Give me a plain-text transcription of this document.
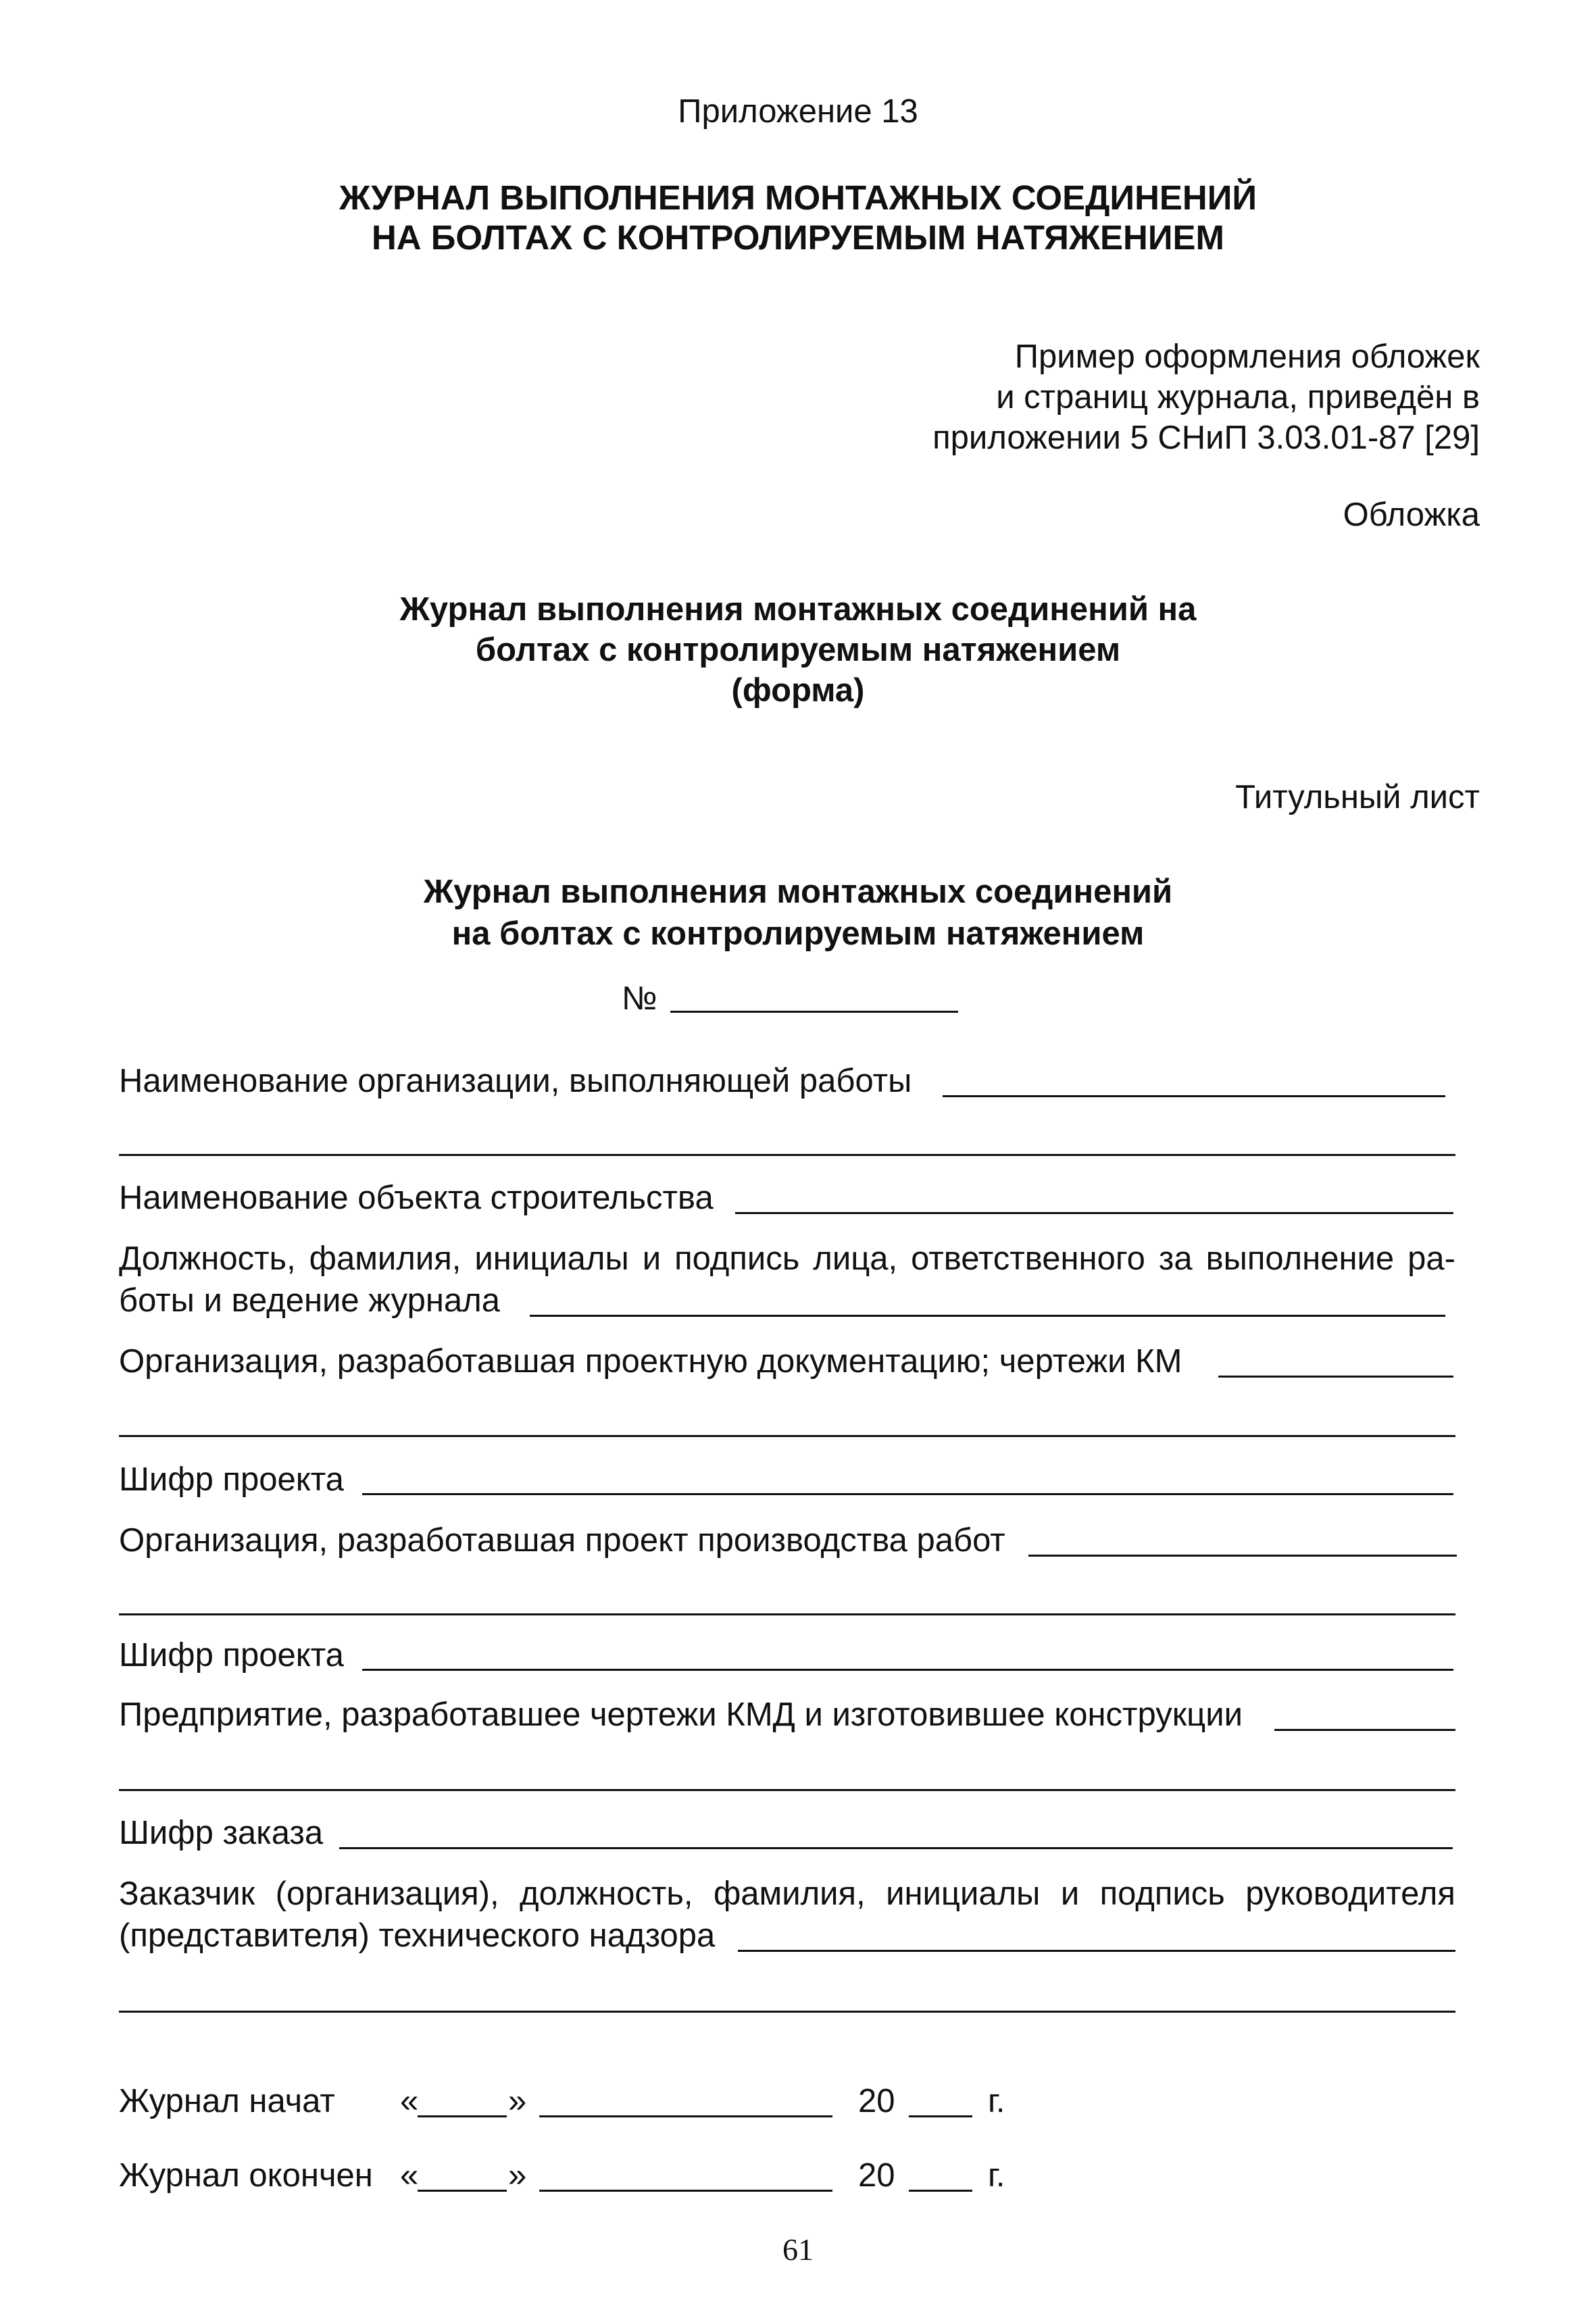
Приложение 13
ЖУРНАЛ ВЫПОЛНЕНИЯ МОНТАЖНЫХ СОЕДИНЕНИЙ
НА БОЛТАХ С КОНТРОЛИРУЕМЫМ НАТЯЖЕНИЕМ
Пример оформления обложек
и страниц журнала, приведён в
приложении 5 СНиП 3.03.01-87 [29]
Обложка
Журнал выполнения монтажных соединений на
болтах с контролируемым натяжением
(форма)
Титульный лист
Журнал выполнения монтажных соединений
на болтах с контролируемым натяжением
№
Наименование организации, выполняющей работы
Наименование объекта строительства
Должность, фамилия, инициалы и подпись лица, ответственного за выполнение ра-
боты и ведение журнала
Организация, разработавшая проектную документацию; чертежи КМ
Шифр проекта
Организация, разработавшая проект производства работ
Шифр проекта
Предприятие, разработавшее чертежи КМД и изготовившее конструкции
Шифр заказа
Заказчик (организация), должность, фамилия, инициалы и подпись руководителя
(представителя) технического надзора
Журнал начат «	»	20	г.
Журнал окончен «	»	20	г.
61
